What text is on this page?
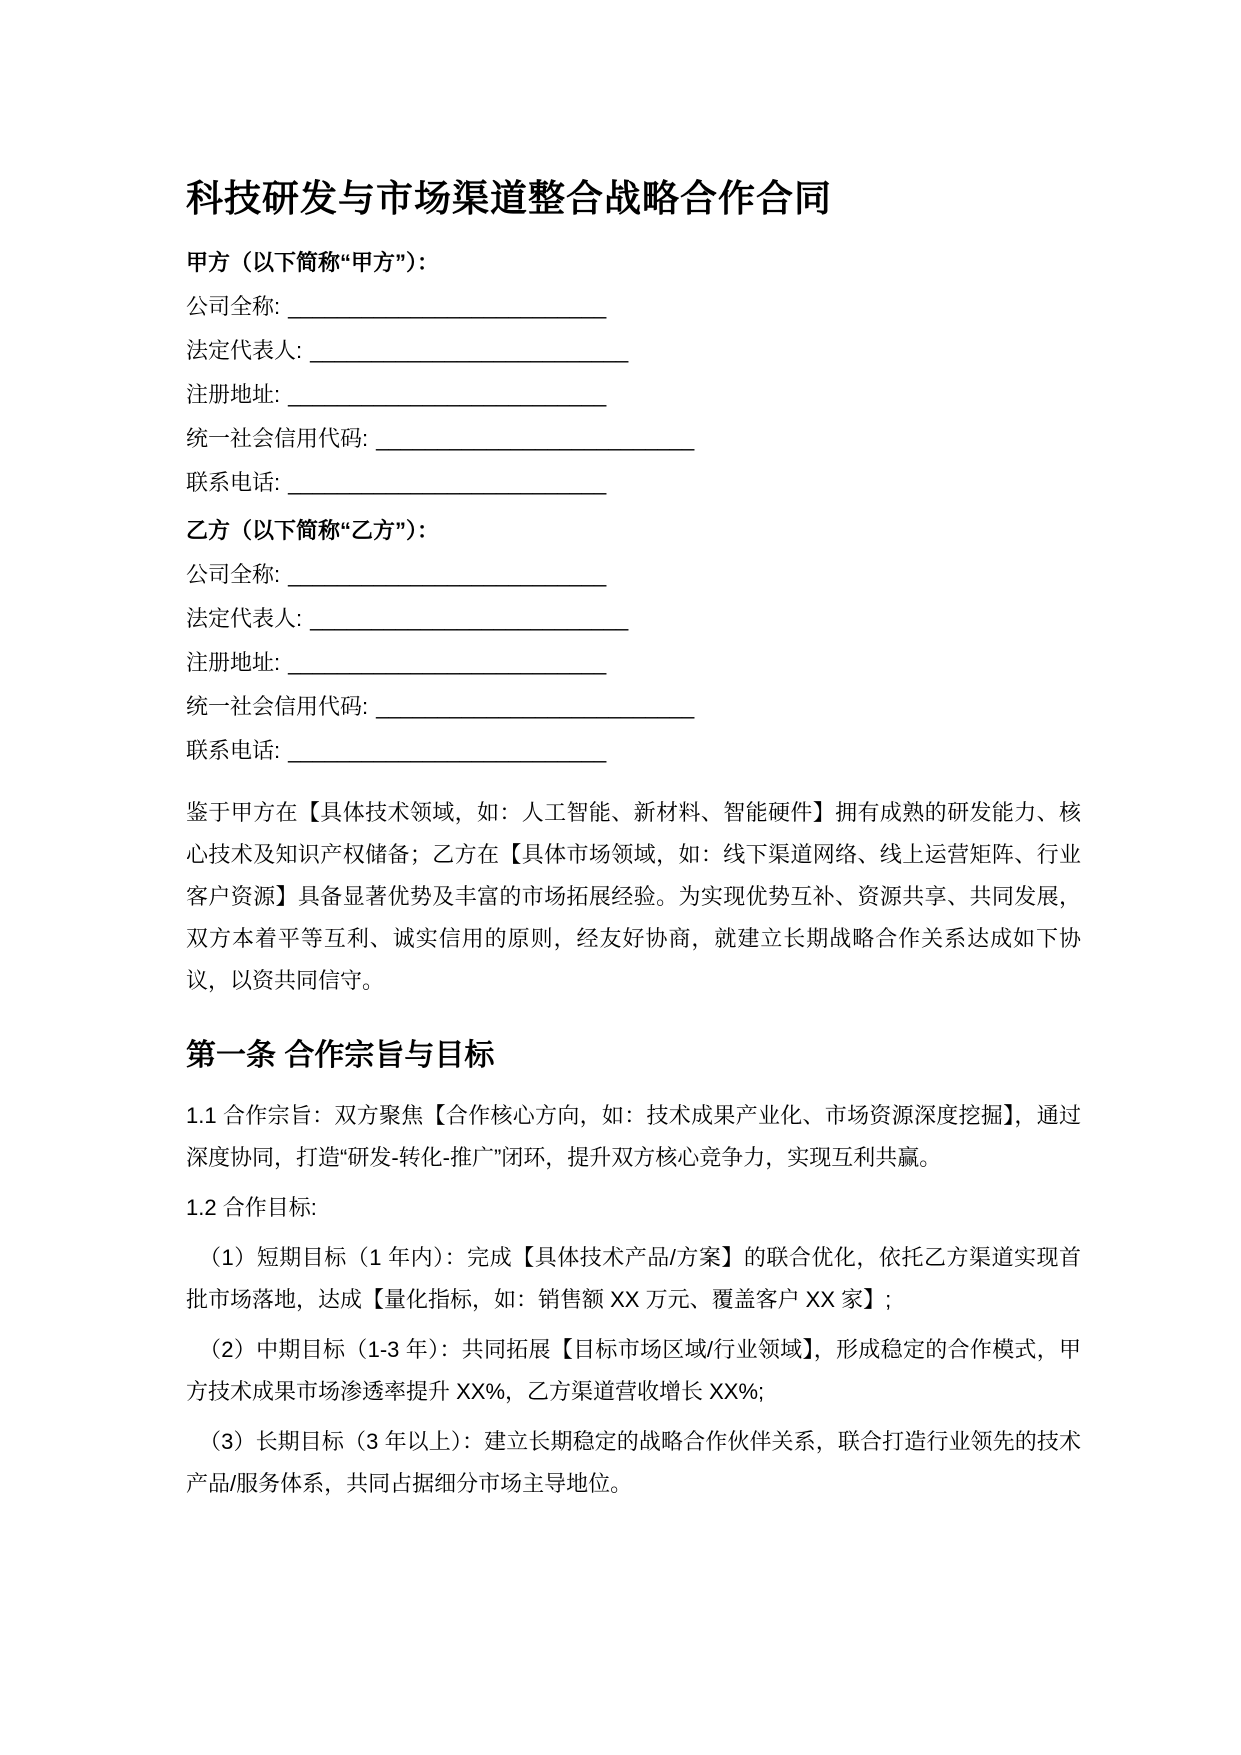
科技研发与市场渠道整合战略合作合同

甲方（以下简称“甲方”）：

公司全称: __________________________

法定代表人: __________________________

注册地址: __________________________

统一社会信用代码: __________________________

联系电话: __________________________

乙方（以下简称“乙方”）：

公司全称: __________________________

法定代表人: __________________________

注册地址: __________________________

统一社会信用代码: __________________________

联系电话: __________________________

鉴于甲方在【具体技术领域，如：人工智能、新材料、智能硬件】拥有成熟的研发能力、核心技术及知识产权储备；乙方在【具体市场领域，如：线下渠道网络、线上运营矩阵、行业客户资源】具备显著优势及丰富的市场拓展经验。为实现优势互补、资源共享、共同发展，双方本着平等互利、诚实信用的原则，经友好协商，就建立长期战略合作关系达成如下协议，以资共同信守。

第一条 合作宗旨与目标

1.1 合作宗旨：双方聚焦【合作核心方向，如：技术成果产业化、市场资源深度挖掘】，通过深度协同，打造“研发-转化-推广”闭环，提升双方核心竞争力，实现互利共赢。

1.2 合作目标:

（1）短期目标（1 年内）：完成【具体技术产品/方案】的联合优化，依托乙方渠道实现首批市场落地，达成【量化指标，如：销售额 XX 万元、覆盖客户 XX 家】;

（2）中期目标（1-3 年）：共同拓展【目标市场区域/行业领域】，形成稳定的合作模式，甲方技术成果市场渗透率提升 XX%，乙方渠道营收增长 XX%;

（3）长期目标（3 年以上）：建立长期稳定的战略合作伙伴关系，联合打造行业领先的技术产品/服务体系，共同占据细分市场主导地位。
